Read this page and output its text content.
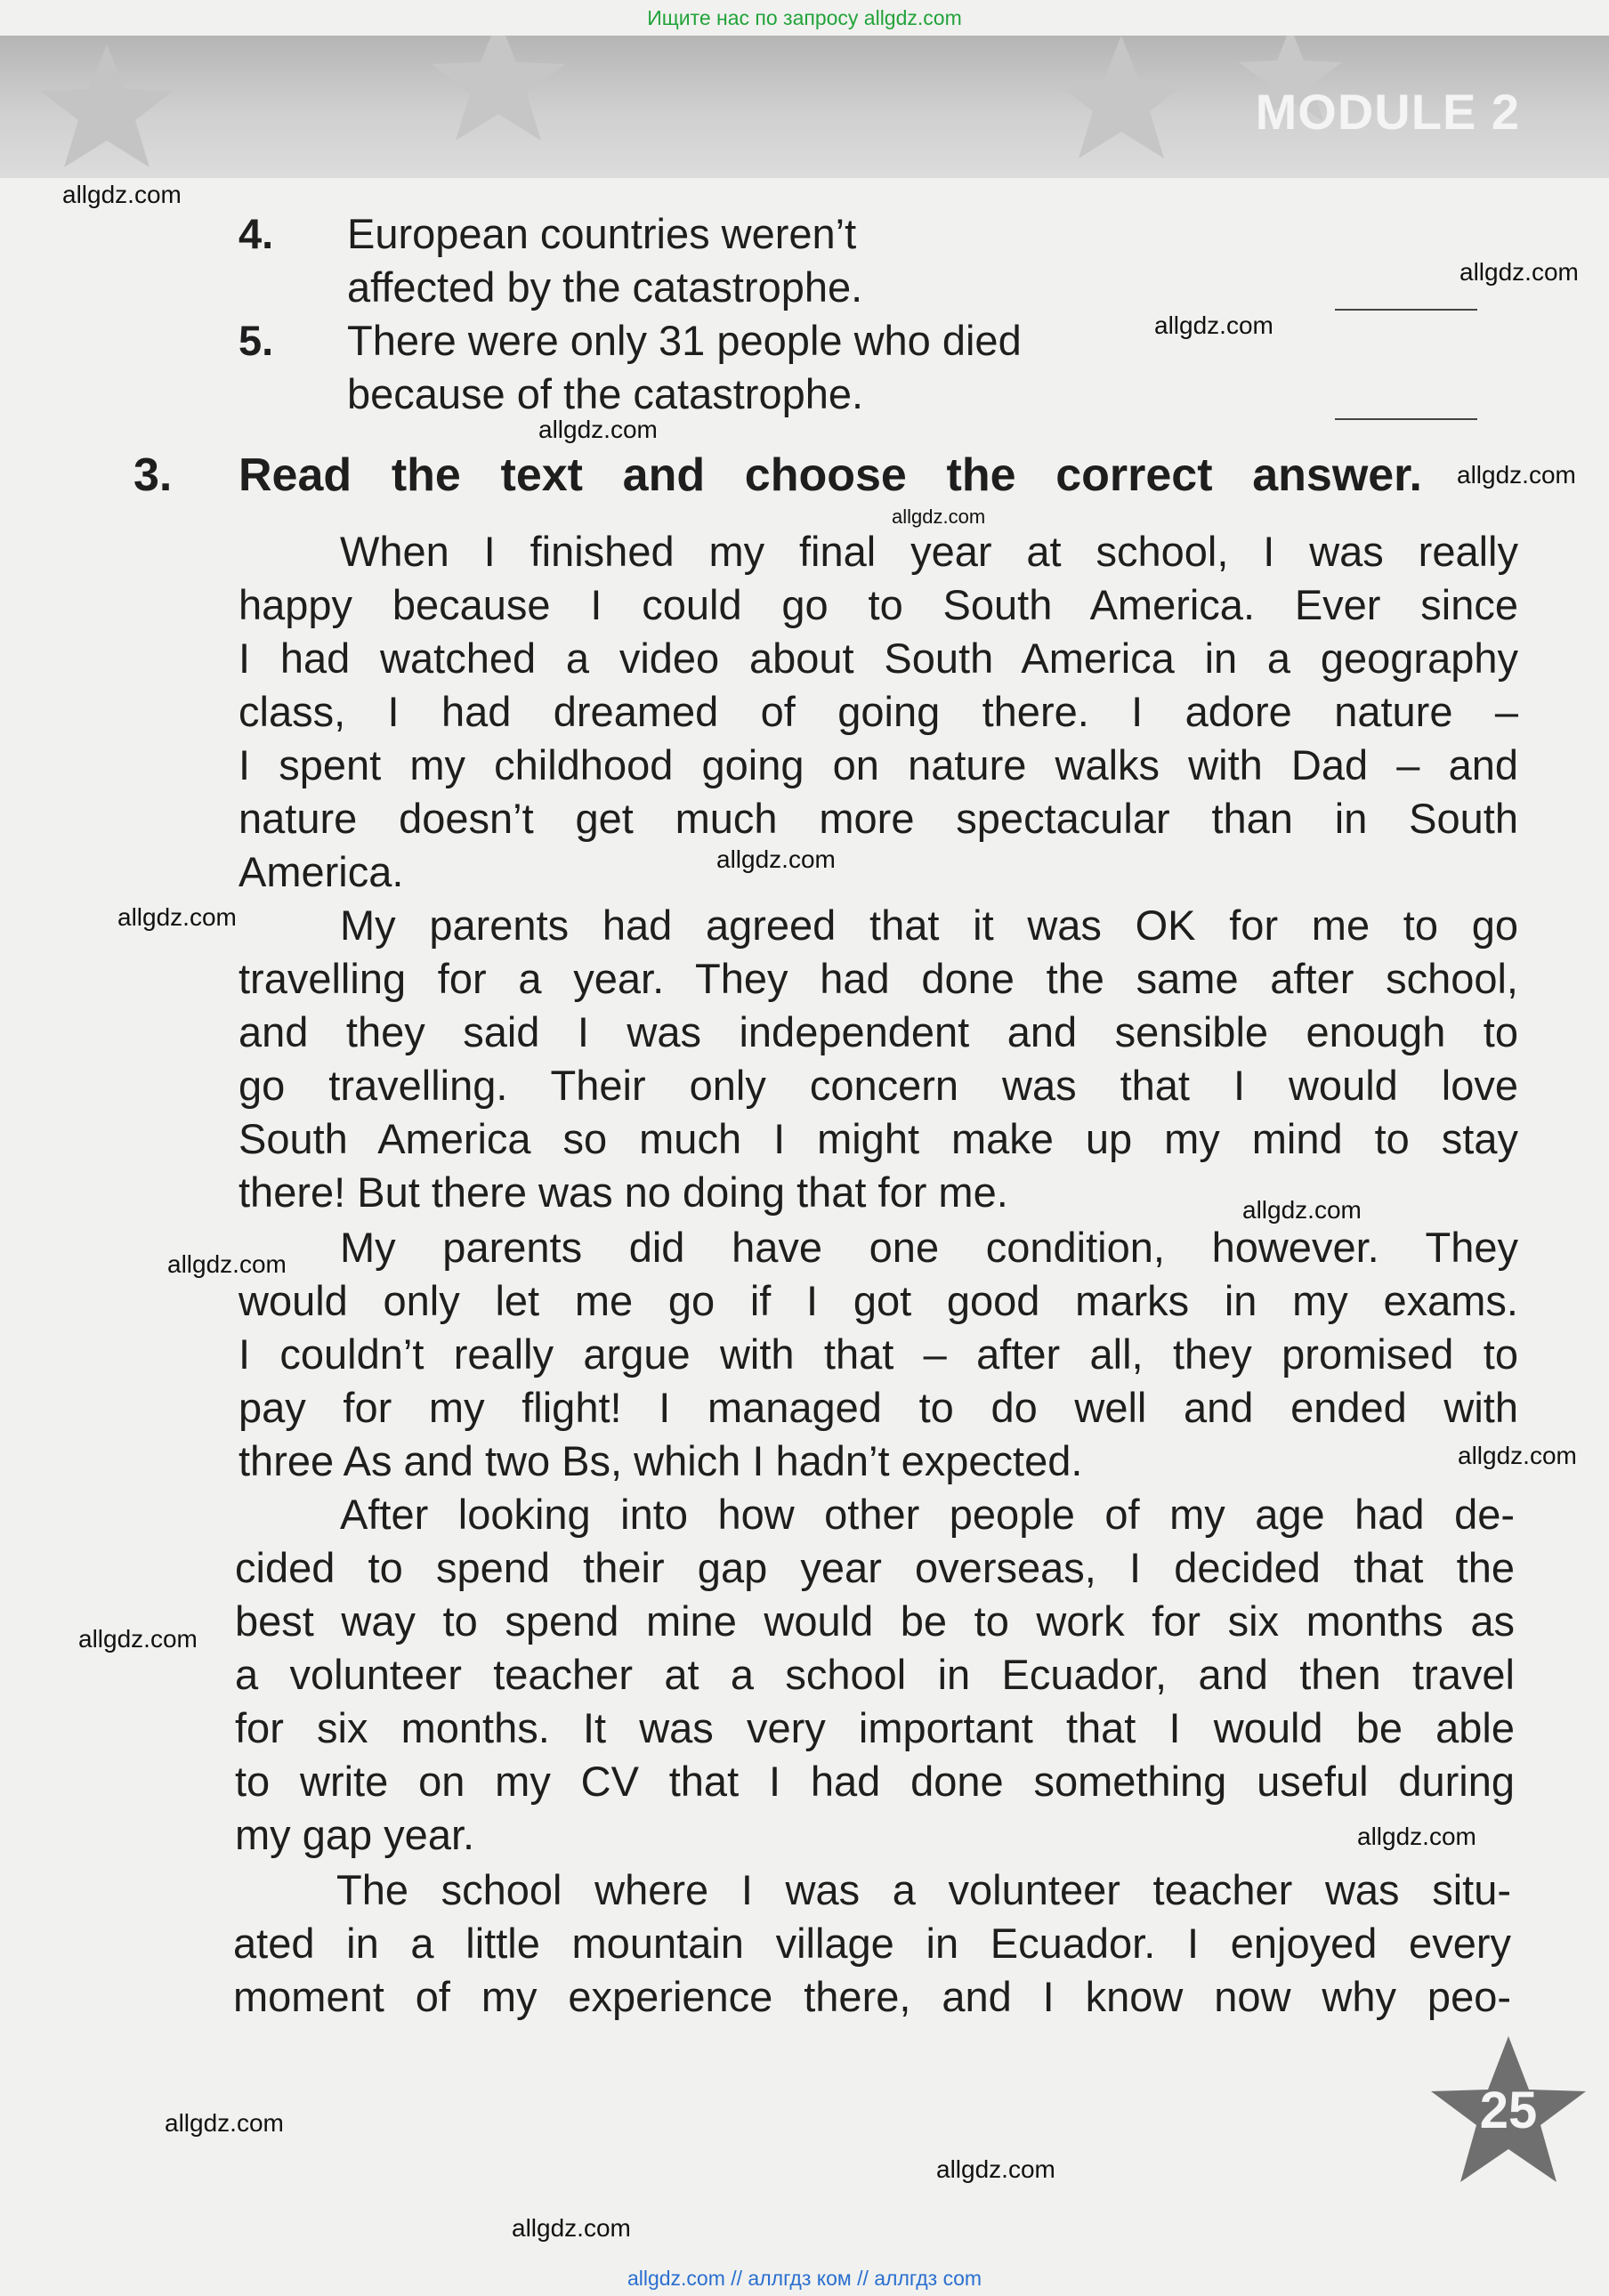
Ищите нас по запросу allgdz.com
MODULE 2
4. European countries weren’t
affected by the catastrophe.
5. There were only 31 people who died
because of the catastrophe.
3. Read the text and choose the correct answer.
When I finished my final year at school, I was really
happy because I could go to South America. Ever since
I had watched a video about South America in a geography
class, I had dreamed of going there. I adore nature –
I spent my childhood going on nature walks with Dad – and
nature doesn’t get much more spectacular than in South
America.
My parents had agreed that it was OK for me to go
travelling for a year. They had done the same after school,
and they said I was independent and sensible enough to
go travelling. Their only concern was that I would love
South America so much I might make up my mind to stay
there! But there was no doing that for me.
My parents did have one condition, however. They
would only let me go if I got good marks in my exams.
I couldn’t really argue with that – after all, they promised to
pay for my flight! I managed to do well and ended with
three As and two Bs, which I hadn’t expected.
After looking into how other people of my age had de-
cided to spend their gap year overseas, I decided that the
best way to spend mine would be to work for six months as
a volunteer teacher at a school in Ecuador, and then travel
for six months. It was very important that I would be able
to write on my CV that I had done something useful during
my gap year.
The school where I was a volunteer teacher was situ-
ated in a little mountain village in Ecuador. I enjoyed every
moment of my experience there, and I know now why peo-
allgdz.com
allgdz.com
allgdz.com
allgdz.com
allgdz.com
allgdz.com
allgdz.com
allgdz.com
allgdz.com
allgdz.com
allgdz.com
allgdz.com
allgdz.com
allgdz.com
allgdz.com
allgdz.com
25
allgdz.com // аллгдз ком // аллгдз com
